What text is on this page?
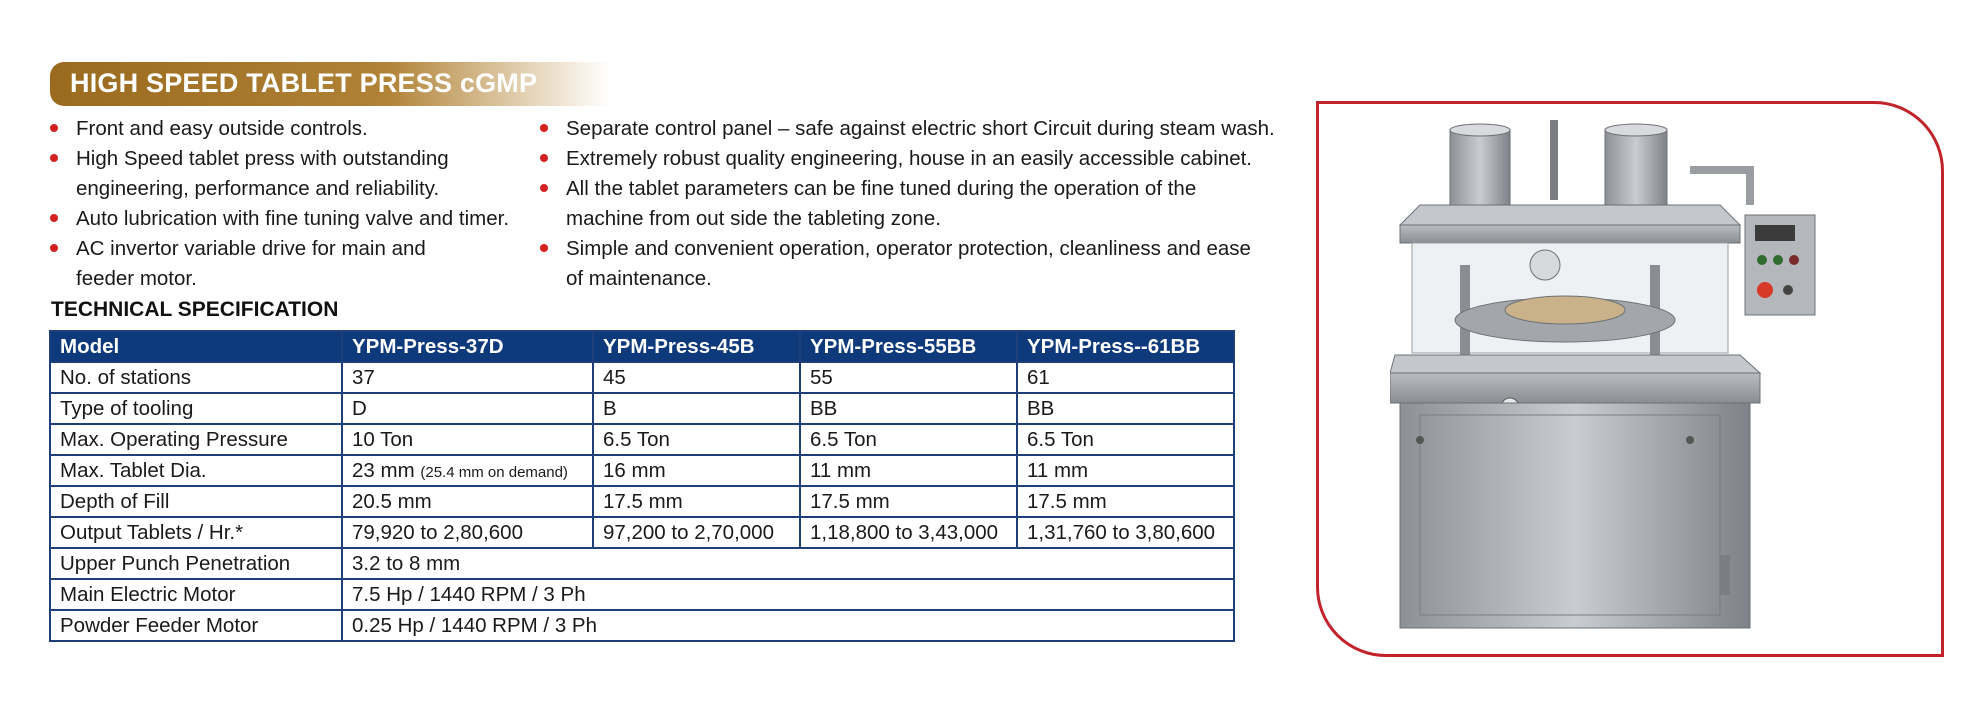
HIGH SPEED TABLET PRESS cGMP
Front and easy outside controls.
High Speed tablet press with outstanding engineering, performance and reliability.
Auto lubrication with fine tuning valve and timer.
AC invertor variable drive for main and feeder motor.
Separate control panel – safe against electric short Circuit during steam wash.
Extremely robust quality engineering, house in an easily accessible cabinet.
All the tablet parameters can be fine tuned during the operation of the machine from out side the tableting zone.
Simple and convenient operation, operator protection, cleanliness and ease of maintenance.
TECHNICAL SPECIFICATION
Model	YPM-Press-37D	YPM-Press-45B	YPM-Press-55BB	YPM-Press--61BB
No. of stations	37	45	55	61
Type of tooling	D	B	BB	BB
Max. Operating Pressure	10 Ton	6.5 Ton	6.5 Ton	6.5 Ton
Max. Tablet Dia.	23 mm (25.4 mm on demand)	16 mm	11 mm	11 mm
Depth of Fill	20.5 mm	17.5 mm	17.5 mm	17.5 mm
Output Tablets / Hr.*	79,920 to 2,80,600	97,200 to 2,70,000	1,18,800 to 3,43,000	1,31,760 to 3,80,600
Upper Punch Penetration	3.2 to 8 mm			
Main Electric Motor	7.5 Hp / 1440 RPM / 3 Ph			
Powder Feeder Motor	0.25 Hp / 1440 RPM / 3 Ph			
